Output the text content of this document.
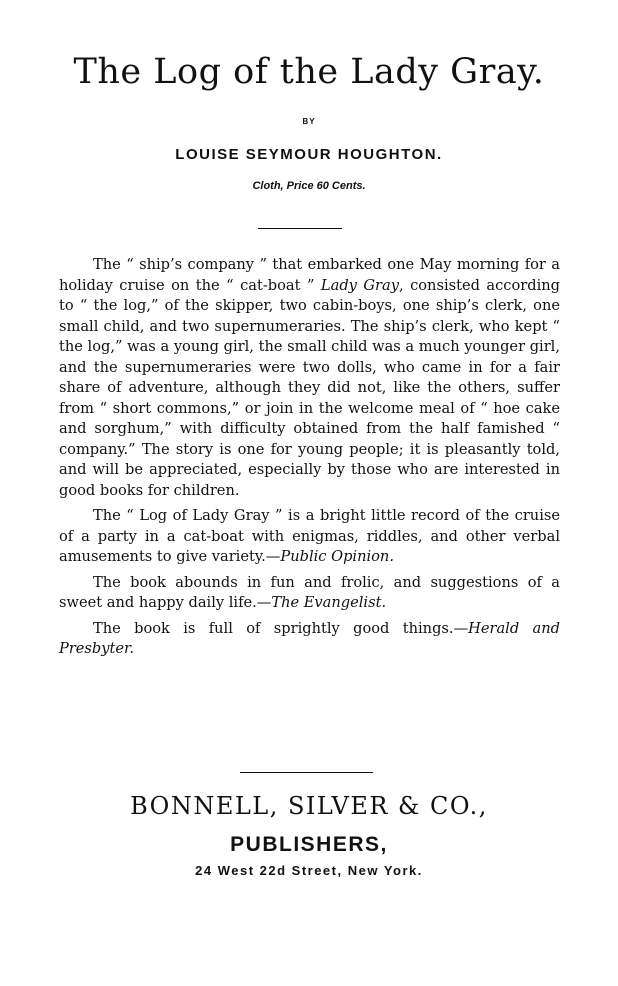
The Log of the Lady Gray.
BY
LOUISE SEYMOUR HOUGHTON.
Cloth, Price 60 Cents.

The “ ship’s company ” that embarked one May morning for a holiday cruise on the “ cat-boat ” Lady Gray, consisted according to “ the log,” of the skipper, two cabin-boys, one ship’s clerk, one small child, and two supernumeraries. The ship’s clerk, who kept “ the log,” was a young girl, the small child was a much younger girl, and the supernumeraries were two dolls, who came in for a fair share of adventure, although they did not, like the others, suffer from “ short commons,” or join in the welcome meal of “ hoe cake and sorghum,” with difficulty obtained from the half famished “ company.” The story is one for young people; it is pleasantly told, and will be appreciated, especially by those who are interested in good books for children.

The “ Log of Lady Gray ” is a bright little record of the cruise of a party in a cat-boat with enigmas, riddles, and other verbal amusements to give variety.—Public Opinion.

The book abounds in fun and frolic, and suggestions of a sweet and happy daily life.—The Evangelist.

The book is full of sprightly good things.—Herald and Presbyter.

BONNELL, SILVER & CO.,
PUBLISHERS,
24 West 22d Street, New York.
